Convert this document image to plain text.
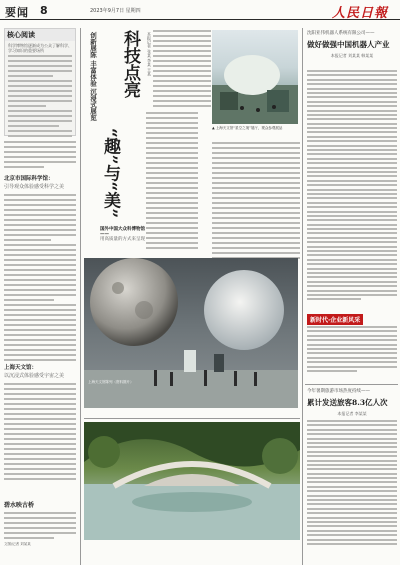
要闻 8	2023年9月7日 星期四	人民日報
核心阅读
科学博物馆逐渐成为公众了解科学、学习知识的重要场所
北京市国际科学馆：
引导观众体验感受科学之美
上海天文馆：
以沉浸式体验感受宇宙之美
创新展陈 丰富体验 沉浸式展览 科技点亮
“趣”与“美”
本报记者 张某 李某 王某
▲ 上海天文馆“星空之境”展厅，观众参观展品
国外中国大众科博物馆——
用高质量的方式来呈现
上海天文馆陈列（资料图片）
碧水映古桥
文图/记者 刘某某
沈阳亚伟机器人系统有限公司——
做好做强中国机器人产业
本报记者 刘某某 韩某某
新时代·企业新风采
今年暑期旅游市场热度持续——
累计发送旅客8.3亿人次
本报记者 李某某
